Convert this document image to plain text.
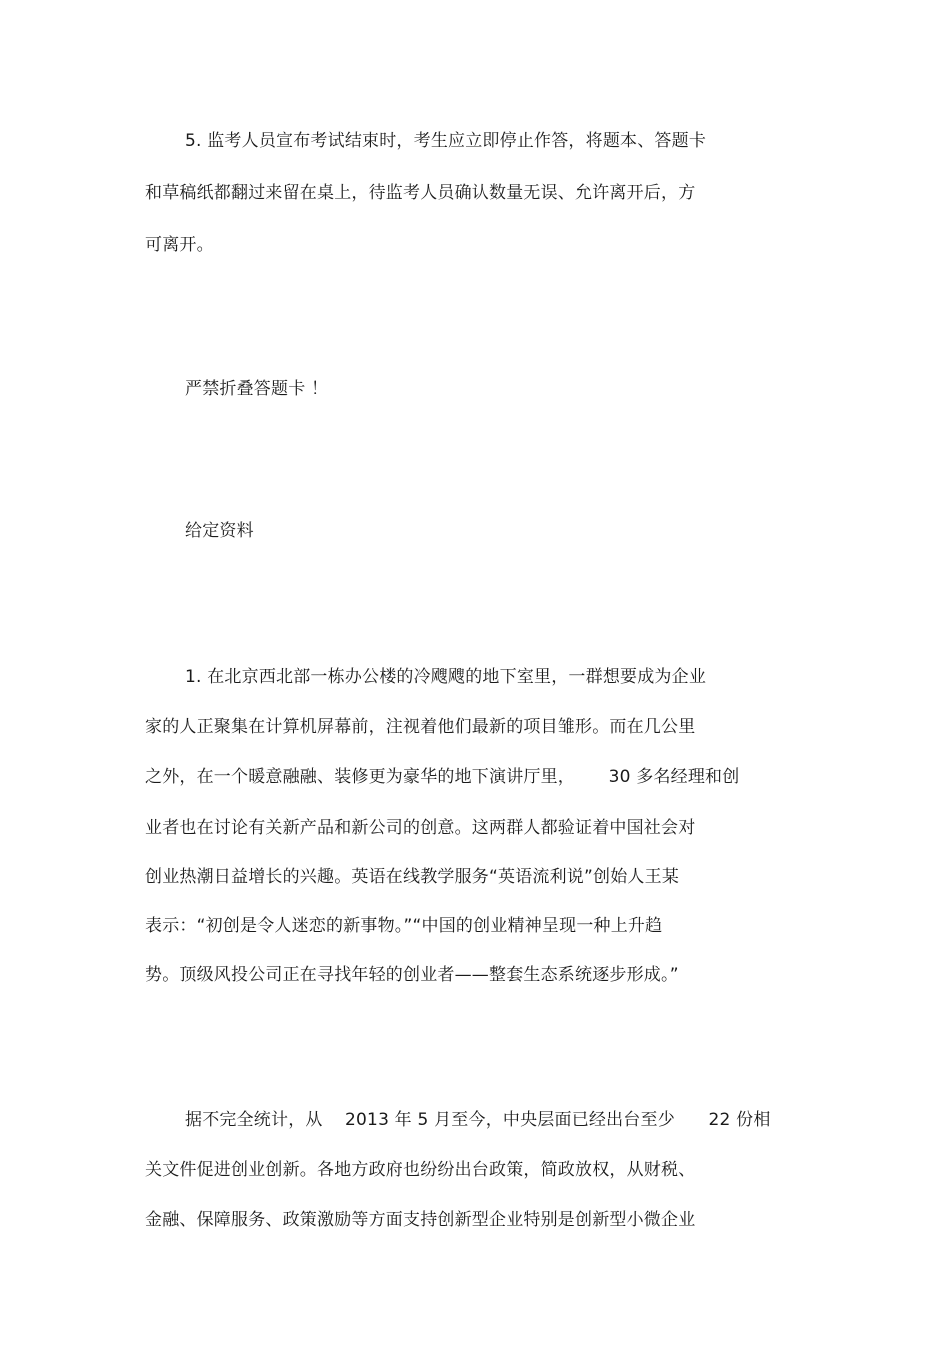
5. 监考人员宣布考试结束时，考生应立即停止作答，将题本、答题卡
和草稿纸都翻过来留在桌上，待监考人员确认数量无误、允许离开后，方
可离开。
严禁折叠答题卡 ！
给定资料
1. 在北京西北部一栋办公楼的冷飕飕的地下室里，一群想要成为企业
家的人正聚集在计算机屏幕前，注视着他们最新的项目雏形。而在几公里
之外，在一个暖意融融、装修更为豪华的地下演讲厅里，      30 多名经理和创
业者也在讨论有关新产品和新公司的创意。这两群人都验证着中国社会对
创业热潮日益增长的兴趣。英语在线教学服务“英语流利说”创始人王某
表示：“初创是令人迷恋的新事物。”“中国的创业精神呈现一种上升趋
势。顶级风投公司正在寻找年轻的创业者——整套生态系统逐步形成。”
据不完全统计，从    2013 年 5 月至今，中央层面已经出台至少      22 份相
关文件促进创业创新。各地方政府也纷纷出台政策，简政放权，从财税、
金融、保障服务、政策激励等方面支持创新型企业特别是创新型小微企业
